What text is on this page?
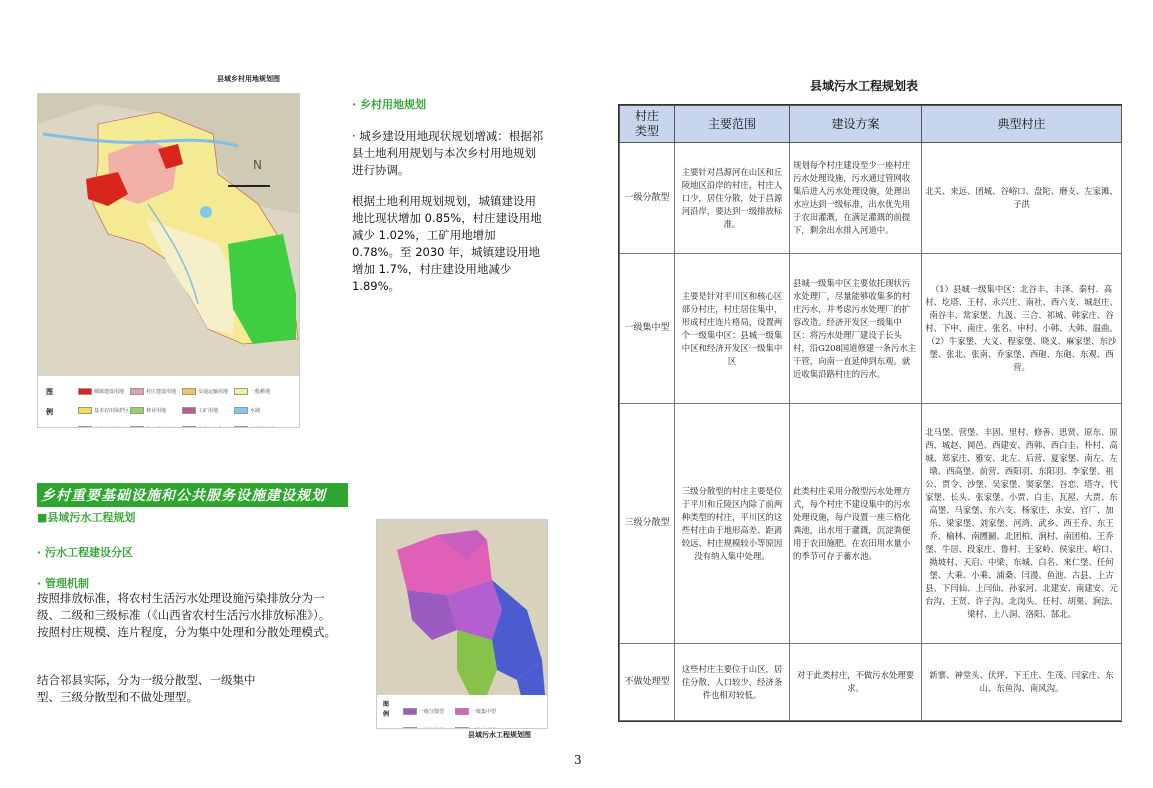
县域乡村用地规划图
N
图 例
城镇建设用地	村庄建设用地	交通运输用地	一般耕地基本农田保护区	林业用地	工矿用地	水域
· 乡村用地规划
· 城乡建设用地现状规划增减：根据祁县土地利用规划与本次乡村用地规划进行协调。
根据土地利用规划规划，城镇建设用地比现状增加 0.85%，村庄建设用地减少 1.02%，工矿用地增加 0.78%。至 2030 年，城镇建设用地增加 1.7%，村庄建设用地减少 1.89%。
乡村重要基础设施和公共服务设施建设规划
■县域污水工程规划
· 污水工程建设分区
· 管理机制
按照排放标准，将农村生活污水处理设施污染排放分为一级、二级和三级标准（《山西省农村生活污水排放标准》）。按照村庄规模、连片程度，分为集中处理和分散处理模式。
结合祁县实际，分为一级分散型、一级集中型、三级分散型和不做处理型。
图 例	一级分散型	一级集中型
县域污水工程规划图
县域污水工程规划表
村庄
类型	主要范围	建设方案	典型村庄
一级分散型	主要针对昌源河在山区和丘陵地区沿岸的村庄，村庄人口少，居住分散，处于昌源河沿岸，要达到一级排放标准。	规划每个村庄建设至少一座村庄污水处理设施，污水通过管网收集后进入污水处理设施，处理出水应达到一级标准，出水优先用于农田灌溉，在满足灌溉的前提下，剩余出水排入河道中。	北关、来远、团城、谷峪口、盘陀、磨支、左家滩、子洪
一级集中型	主要是针对平川区和核心区部分村庄，村庄居住集中，形成村庄连片格局，设置两个一级集中区：县城一级集中区和经济开发区一级集中区	县城一级集中区主要依托现状污水处理厂，尽量能够收集多的村庄污水，并考虑污水处理厂的扩容改造。经济开发区一级集中区：将污水处理厂建设于长头村，沿G208国道修建一条污水主干管，向南一直延伸到东观。就近收集沿路村庄的污水。	（1）县城一级集中区：北谷丰、丰泽、秦村、高村、圪塔、王村、永兴庄、南社、西六支、城赵庄、南谷丰、常家堡、九汲、三合、祁城、韩家庄、谷村、下申、南庄、张名、申村、小韩、大韩、温曲。（2）牛家堡、大义、程家堡、晓义、麻家堡、东沙堡、张北、张南、乔家堡、西砲、东砲、东观、西营。
三级分散型	三级分散型的村庄主要是位于平川和丘陵区内除了前两种类型的村庄，平川区的这些村庄由于地形高差、距离较远、村庄规模较小等原因没有纳入集中处理。	此类村庄采用分散型污水处理方式，每个村庄不建设集中的污水处理设施，每户设置一座三格化粪池，出水用于灌溉，沉淀粪便用于农田施肥。在农田用水量小的季节可存于蓄水池。	北马堡、营堡、丰固、里村、修善、思贤、原东、原西、城赵、岡邑、西建安、西韩、西白圭、朴村、高城、郑家庄、雅安、北左、后营、夏家堡、南左、左墩、西高堡、前营、西阳羽、东阳羽、李家堡、祖公、贾令、沙堡、吴家堡、窦家堡、谷恋、塔寺、代家堡、长头、张家堡、小贾、白圭、瓦屋、大贾、东高堡、马家堡、东六支、杨家庄、永安、官厂、加乐、梁家堡、刘家堡、河湾、武乡、西王乔、东王乔、榆林、南圐圙、北团柏、涧村、南团柏、王乔堡、牛居、段家庄、鲁村、王家岭、侯家庄、峪口、拗坡村、天启、中梁、东城、白名、來仁堡、任何堡、大乘、小乘、浦桑、闫漫、鱼池、古县、上古县、下闫仙、上闫仙、孙家河、北建安、南建安、元台沟、王贤、许子沟、北岗头、任村、胡栗、涧法、梁村、上八洞、洛阳、郜北。
不做处理型	这些村庄主要位于山区，居住分散，人口较少，经济条件也相对较低。	对于此类村庄，不做污水处理要求。	新寨、神堂头、伏坪、下王庄、生茂、闫家庄、东山、东鱼沟、南风沟。
3
